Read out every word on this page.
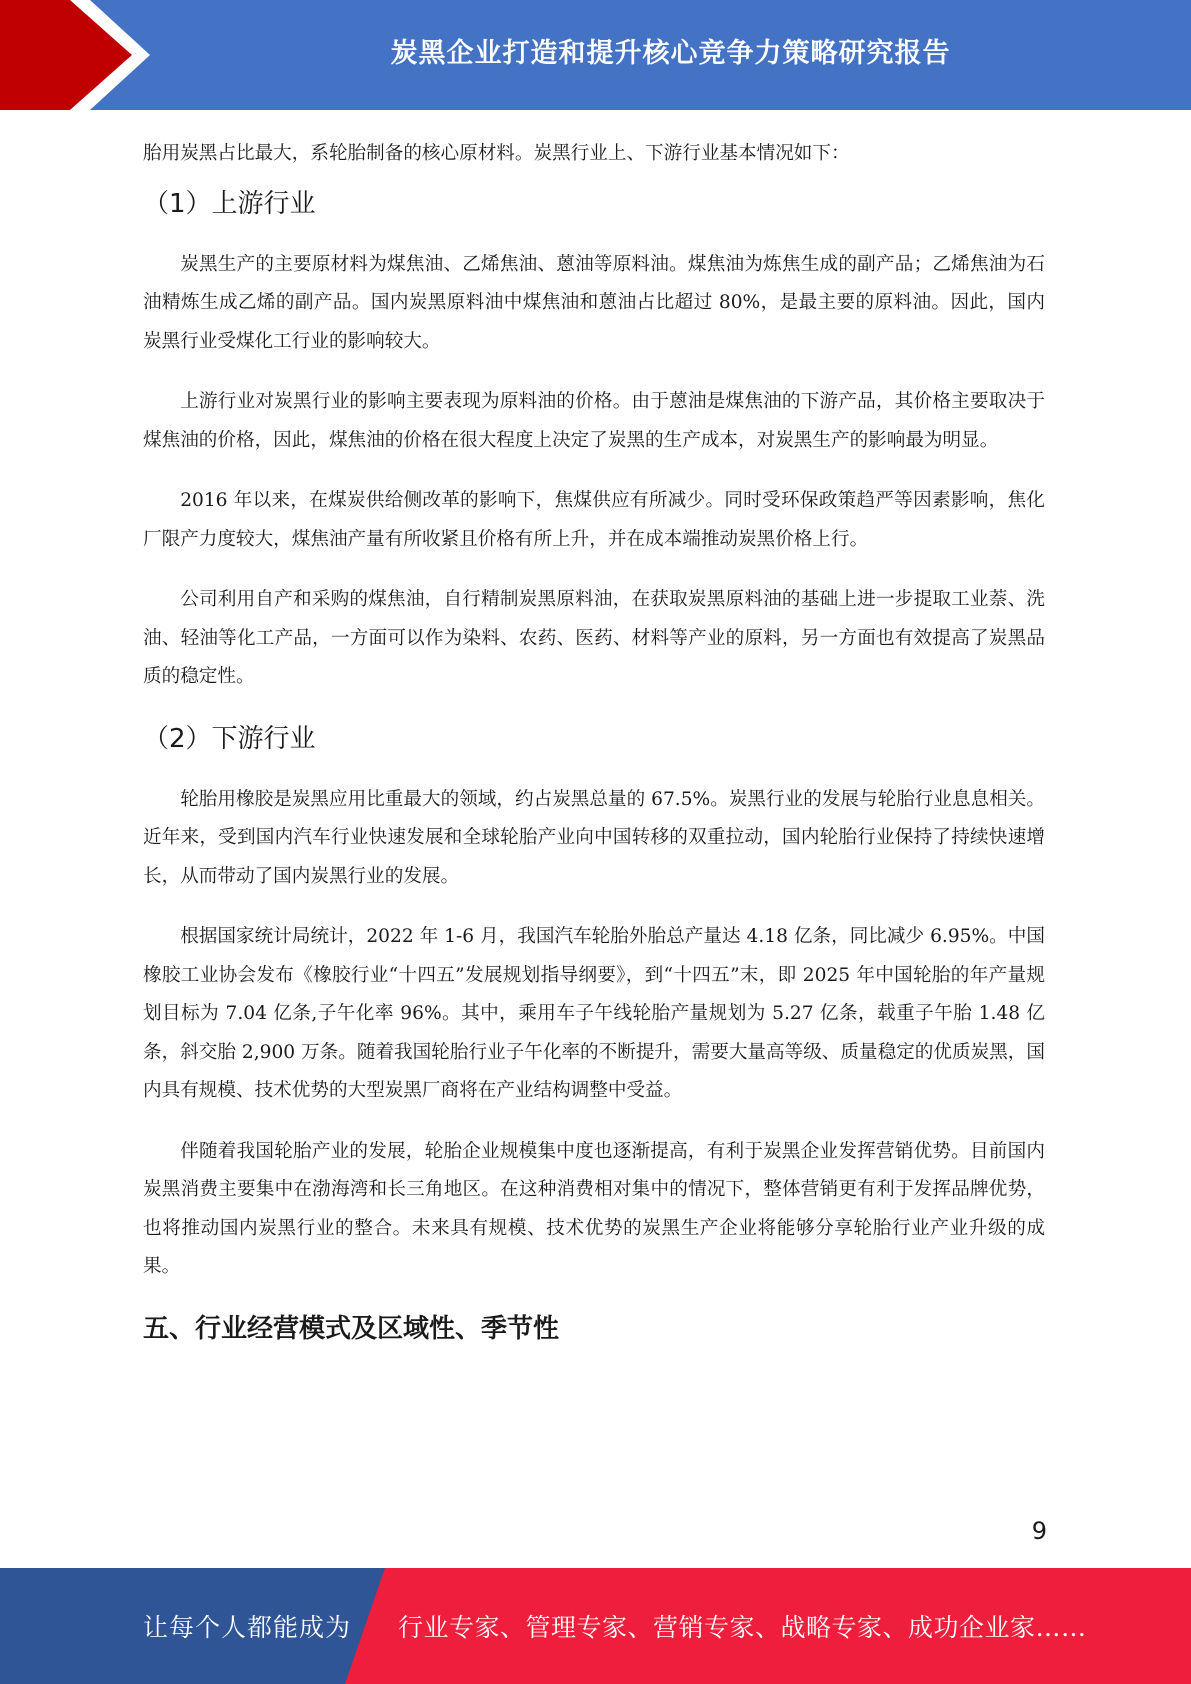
炭黑企业打造和提升核心竞争力策略研究报告

胎用炭黑占比最大，系轮胎制备的核心原材料。炭黑行业上、下游行业基本情况如下：

（1）上游行业

炭黑生产的主要原材料为煤焦油、乙烯焦油、蒽油等原料油。煤焦油为炼焦生成的副产品；乙烯焦油为石油精炼生成乙烯的副产品。国内炭黑原料油中煤焦油和蒽油占比超过 80%，是最主要的原料油。因此，国内炭黑行业受煤化工行业的影响较大。

上游行业对炭黑行业的影响主要表现为原料油的价格。由于蒽油是煤焦油的下游产品，其价格主要取决于煤焦油的价格，因此，煤焦油的价格在很大程度上决定了炭黑的生产成本，对炭黑生产的影响最为明显。

2016 年以来，在煤炭供给侧改革的影响下，焦煤供应有所减少。同时受环保政策趋严等因素影响，焦化厂限产力度较大，煤焦油产量有所收紧且价格有所上升，并在成本端推动炭黑价格上行。

公司利用自产和采购的煤焦油，自行精制炭黑原料油，在获取炭黑原料油的基础上进一步提取工业萘、洗油、轻油等化工产品，一方面可以作为染料、农药、医药、材料等产业的原料，另一方面也有效提高了炭黑品质的稳定性。

（2）下游行业

轮胎用橡胶是炭黑应用比重最大的领域，约占炭黑总量的 67.5%。炭黑行业的发展与轮胎行业息息相关。近年来，受到国内汽车行业快速发展和全球轮胎产业向中国转移的双重拉动，国内轮胎行业保持了持续快速增长，从而带动了国内炭黑行业的发展。

根据国家统计局统计，2022 年 1-6 月，我国汽车轮胎外胎总产量达 4.18 亿条，同比减少 6.95%。中国橡胶工业协会发布《橡胶行业“十四五”发展规划指导纲要》，到“十四五”末，即 2025 年中国轮胎的年产量规划目标为 7.04 亿条,子午化率 96%。其中，乘用车子午线轮胎产量规划为 5.27 亿条，载重子午胎 1.48 亿条，斜交胎 2,900 万条。随着我国轮胎行业子午化率的不断提升，需要大量高等级、质量稳定的优质炭黑，国内具有规模、技术优势的大型炭黑厂商将在产业结构调整中受益。

伴随着我国轮胎产业的发展，轮胎企业规模集中度也逐渐提高，有利于炭黑企业发挥营销优势。目前国内炭黑消费主要集中在渤海湾和长三角地区。在这种消费相对集中的情况下，整体营销更有利于发挥品牌优势，也将推动国内炭黑行业的整合。未来具有规模、技术优势的炭黑生产企业将能够分享轮胎行业产业升级的成果。

五、行业经营模式及区域性、季节性
9
让每个人都能成为 行业专家、管理专家、营销专家、战略专家、成功企业家……
